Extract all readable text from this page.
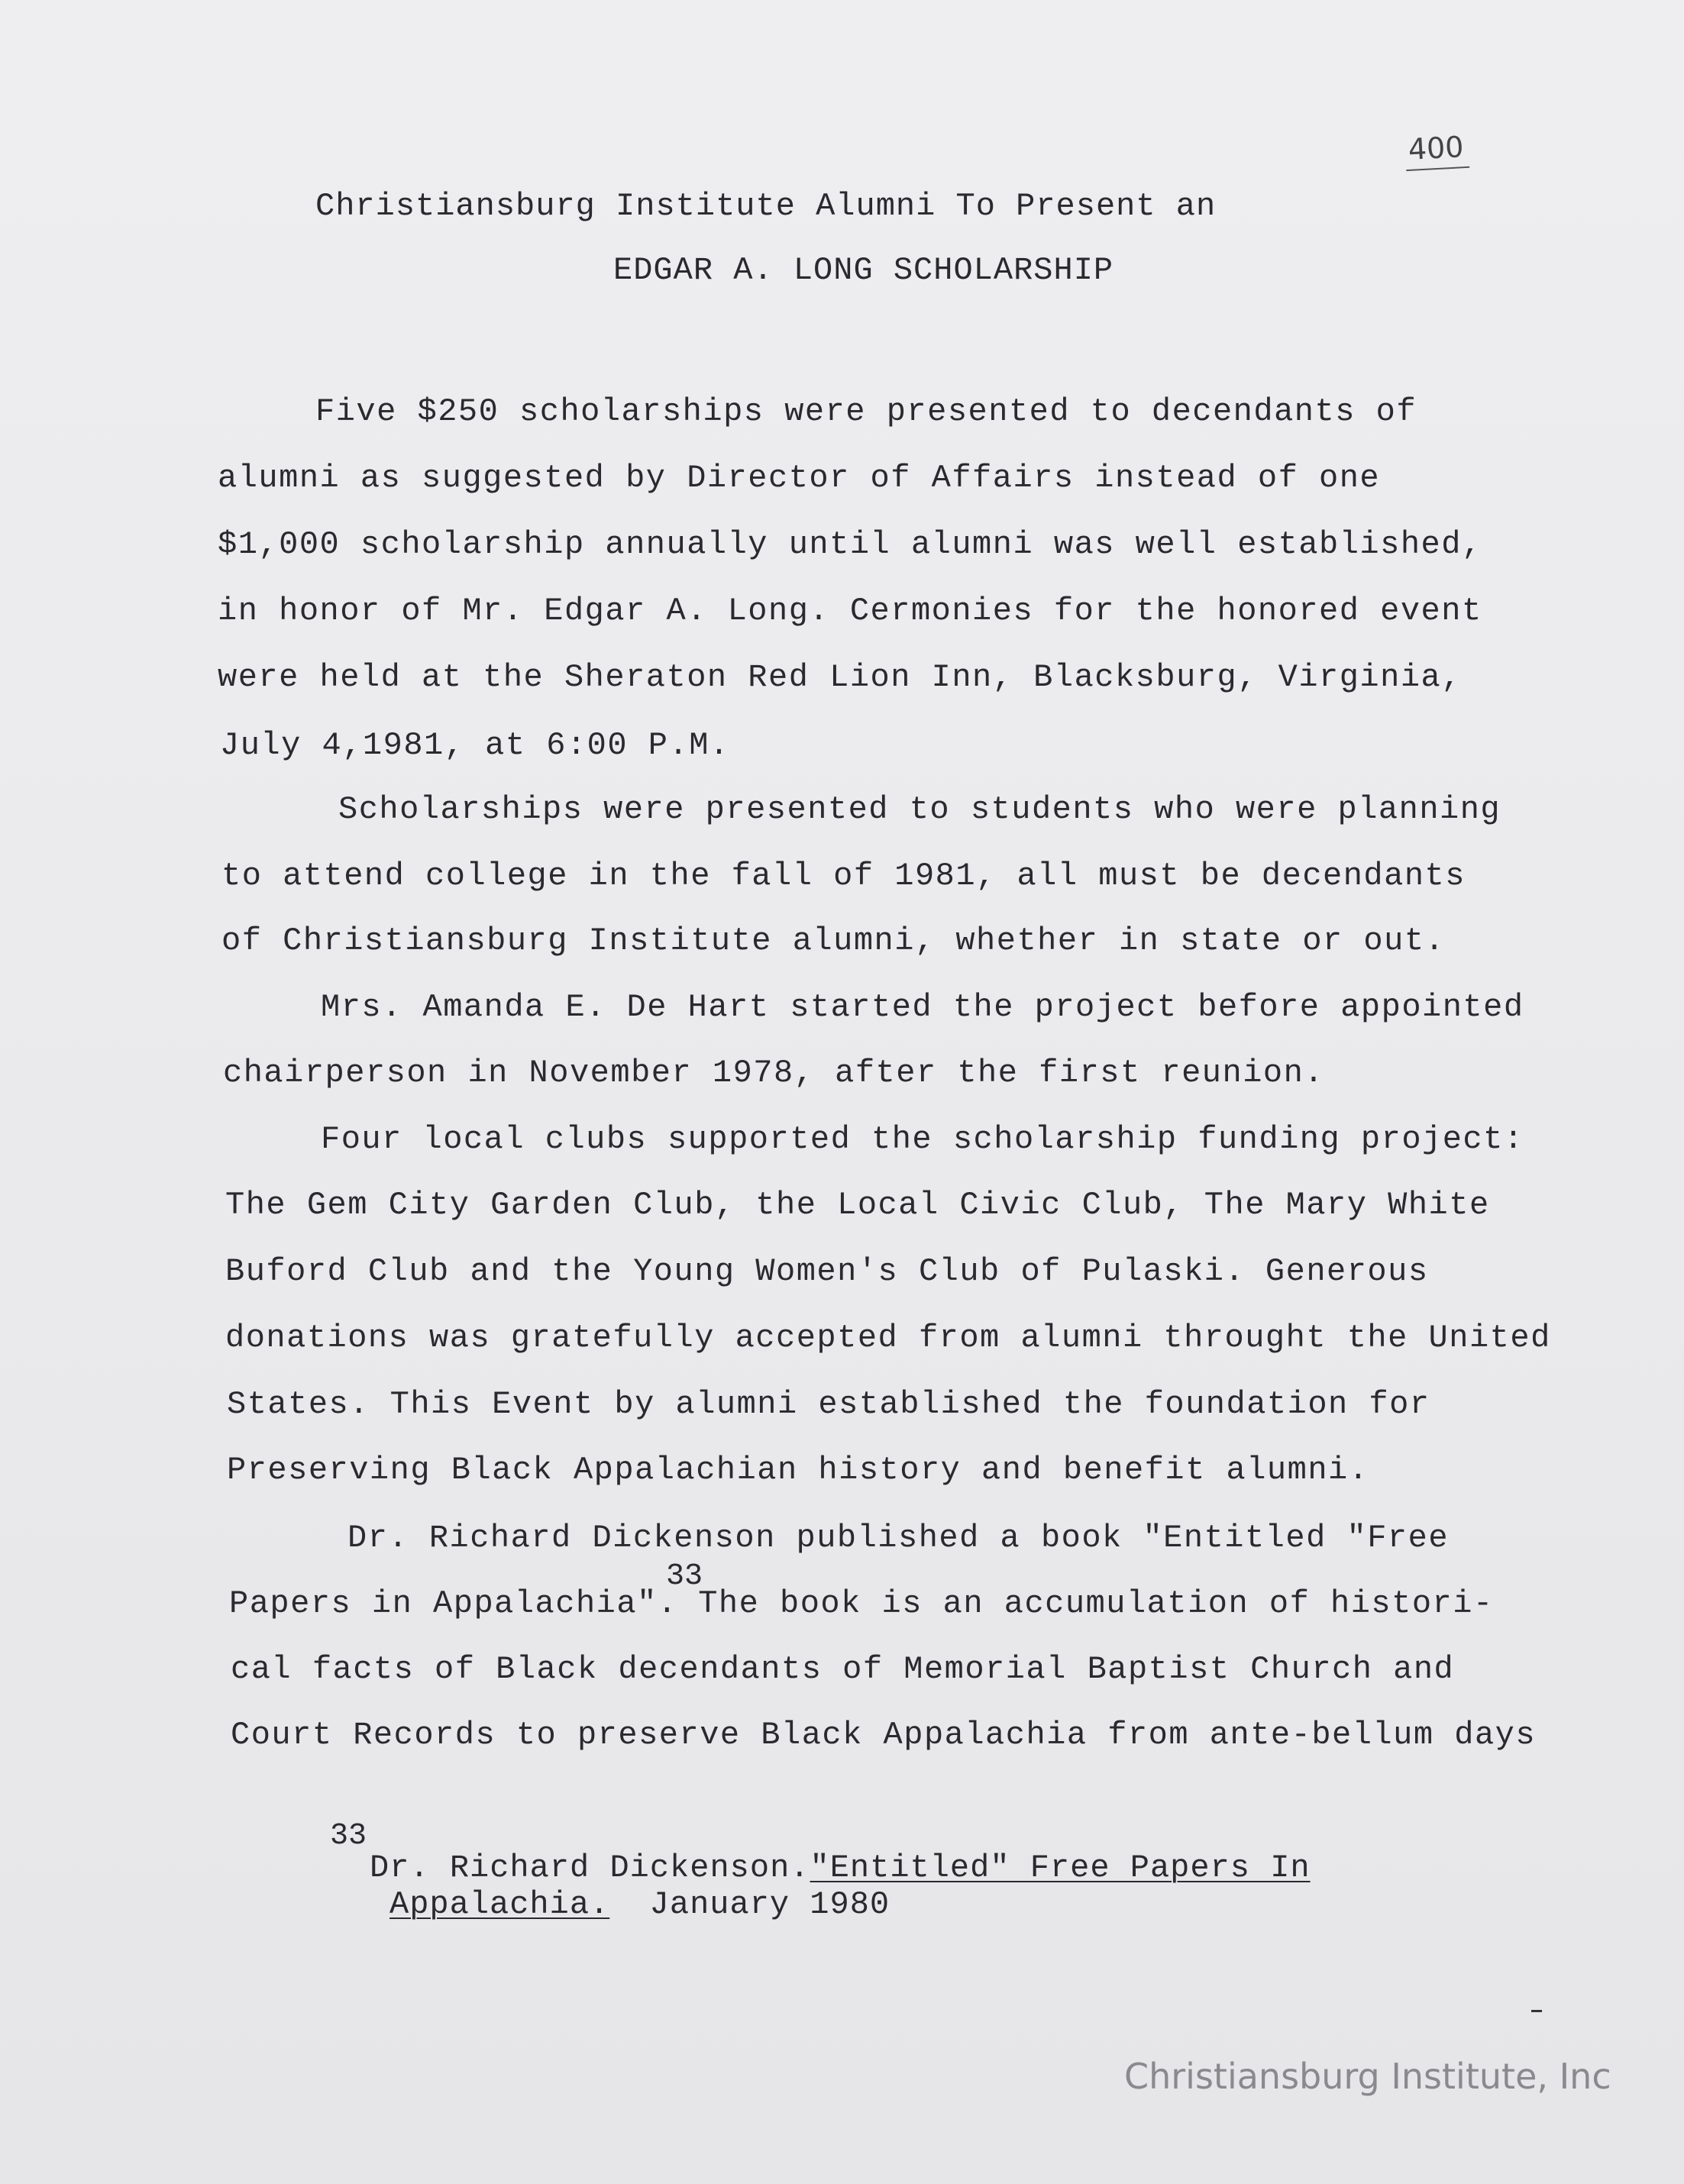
400
Christiansburg Institute Alumni To Present an
EDGAR A. LONG SCHOLARSHIP
Five $250 scholarships were presented to decendants of
alumni as suggested by Director of Affairs instead of one
$1,000 scholarship annually until alumni was well established,
in honor of Mr. Edgar A. Long. Cermonies for the honored event
were held at the Sheraton Red Lion Inn, Blacksburg, Virginia,
July 4,1981, at 6:00 P.M.
Scholarships were presented to students who were planning
to attend college in the fall of 1981, all must be decendants
of Christiansburg Institute alumni, whether in state or out.
Mrs. Amanda E. De Hart started the project before appointed
chairperson in November 1978, after the first reunion.
Four local clubs supported the scholarship funding project:
The Gem City Garden Club, the Local Civic Club, The Mary White
Buford Club and the Young Women's Club of Pulaski. Generous
donations was gratefully accepted from alumni throught the United
States. This Event by alumni established the foundation for
Preserving Black Appalachian history and benefit alumni.
Dr. Richard Dickenson published a book "Entitled "Free
Papers in Appalachia". The book is an accumulation of histori-
33
cal facts of Black decendants of Memorial Baptist Church and
Court Records to preserve Black Appalachia from ante-bellum days
33
Dr. Richard Dickenson."Entitled" Free Papers In
Appalachia. January 1980
Christiansburg Institute, Inc
